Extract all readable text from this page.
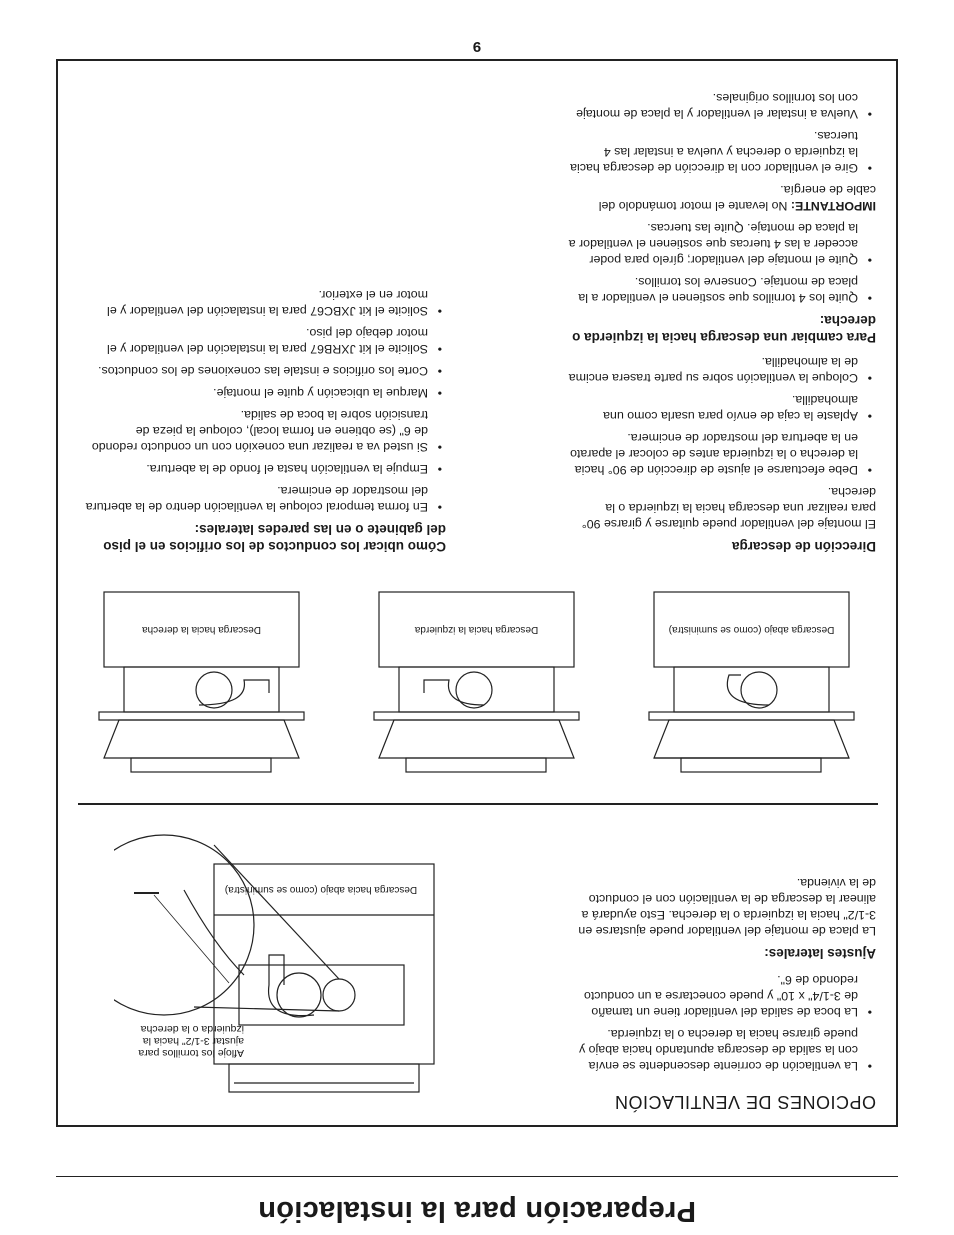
Preparación para la instalación
OPCIONES DE VENTILACIÓN
• La ventilación de corriente descendente se envía con la salida de descarga apuntando hacia abajo y puede girarse hacia la derecha o la izquierda.
• La boca de salida del ventilador tiene un tamaño de 3-1/4" x 10" y puede conectarse a un conducto redondo de 6".
Ajustes laterales:

La placa de montaje del ventilador puede ajustarse en 3-1/2" hacia la izquierda o la derecha. Esto ayudará a alinear la descarga de la ventilación con el conducto de la vivienda.

Descarga hacia abajo (como se suministra)
Afloje los tornillos para ajustar 3-1/2" hacia la izquierda o la derecha
Descarga abajo (como se suministra)
Descarga hacia la izquierda
Descarga hacia la derecha
Dirección de descarga

El montaje del ventilador puede quitarse y girarse 90° para realizar una descarga hacia la izquierda o la derecha.

• Debe efectuarse el ajuste de dirección de 90° hacia la derecha o la izquierda antes de colocar el aparato en la abertura del mostrador de encimera.
• Aplaste la caja de envío para usarla como una almohadilla.
• Coloque la ventilación sobre su parte trasera encima de la almohadilla.
Para cambiar una descarga hacia la izquierda o derecha:
• Quite los 4 tornillos que sostienen el ventilador a la placa de montaje. Conserve los tornillos.
• Quite el montaje del ventilador; gírelo para poder acceder a las 4 tuercas que sostienen el ventilador a la placa de montaje. Quite las tuercas.

IMPORTANTE: No levante el motor tomándolo del cable de energía.

• Gire el ventilador con la dirección de descarga hacia la izquierda o derecha y vuelva a instalar las 4 tuercas.
• Vuelva a instalar el ventilador y la placa de montaje con los tornillos originales.
Cómo ubicar los conductos de los orificios en el piso del gabinete o en las paredes laterales:
• En forma temporal coloque la ventilación dentro de la abertura del mostrador de encimera.
• Empuje la ventilación hasta el fondo de la abertura.
• Si usted va a realizar una conexión con un conducto redondo de 6" (se obtiene en forma local), coloque la pieza de transición sobre la boca de salida.
• Marque la ubicación y quite el montaje.
• Corte los orificios e instale las conexiones de los conductos.
• Solicite el kit JXRB67 para la instalación del ventilador y el motor debajo del piso.
• Solicite el kit JXBC67 para la instalación del ventilador y el motor en el exterior.
9
